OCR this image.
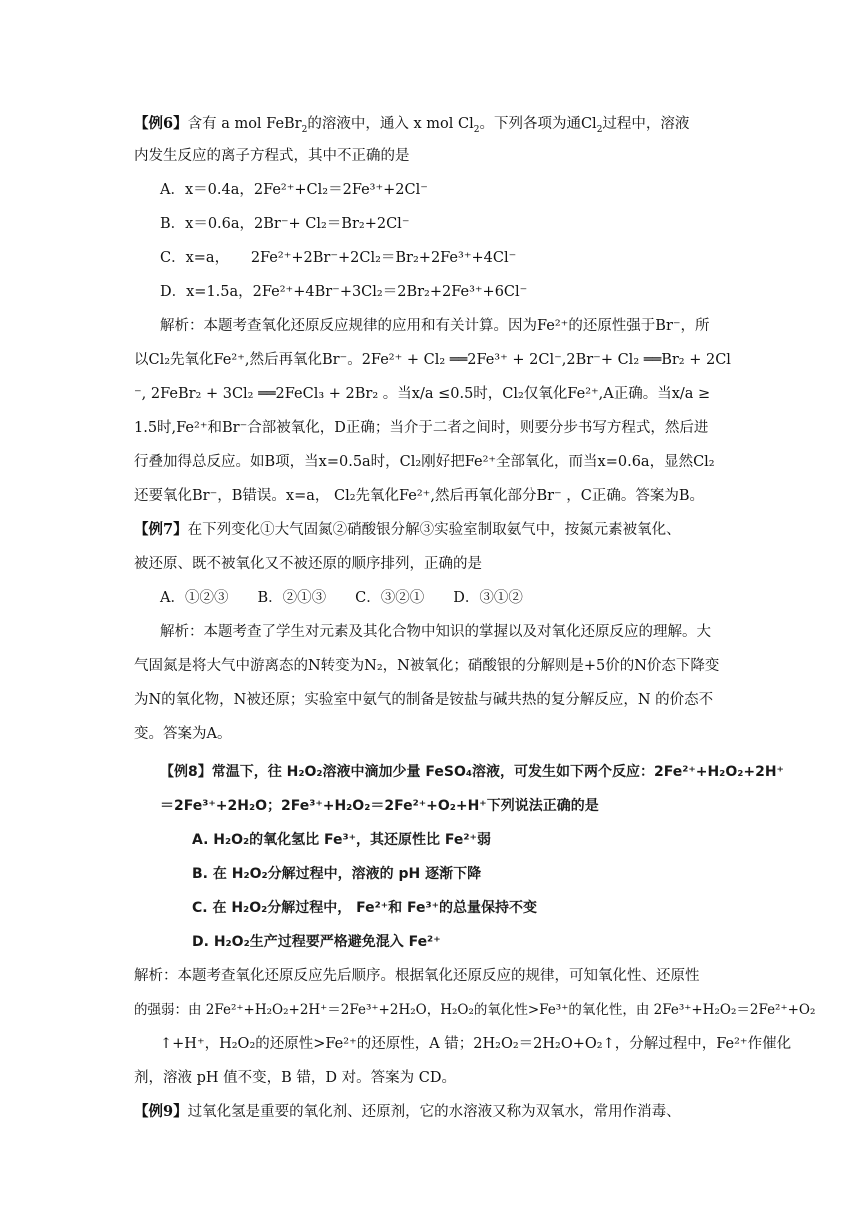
【例6】含有 a mol FeBr$_2$的溶液中，通入 x mol $Cl_2$。下列各项为通$Cl_2$过程中，溶液
内发生反应的离子方程式，其中不正确的是
A．x＝0.4a，2Fe²⁺+Cl₂＝2Fe³⁺+2Cl⁻
B．x＝0.6a，2Br⁻+ Cl₂＝Br₂+2Cl⁻
C．x=a，　　2Fe²⁺+2Br⁻+2Cl₂＝Br₂+2Fe³⁺+4Cl⁻
D．x=1.5a，2Fe²⁺+4Br⁻+3Cl₂＝2Br₂+2Fe³⁺+6Cl⁻
解析：本题考查氧化还原反应规律的应用和有关计算。因为Fe²⁺的还原性强于Br⁻，所
以Cl₂先氧化Fe²⁺,然后再氧化Br⁻。2Fe²⁺ + Cl₂ ══2Fe³⁺ + 2Cl⁻,2Br⁻+ Cl₂ ══Br₂ + 2Cl
⁻, 2FeBr₂ + 3Cl₂ ══2FeCl₃ + 2Br₂ 。当x/a ≤0.5时，Cl₂仅氧化Fe²⁺,A正确。当x/a ≥
1.5时,Fe²⁺和Br⁻合部被氧化，D正确；当介于二者之间时，则要分步书写方程式，然后进
行叠加得总反应。如B项，当x=0.5a时，Cl₂刚好把Fe²⁺全部氧化，而当x=0.6a，显然Cl₂
还要氧化Br⁻，B错误。x=a， Cl₂先氧化Fe²⁺,然后再氧化部分Br⁻ ，C正确。答案为B。
【例7】在下列变化①大气固氮②硝酸银分解③实验室制取氨气中，按氮元素被氧化、
被还原、既不被氧化又不被还原的顺序排列，正确的是
A．①②③　　B．②①③　　C．③②①　　D．③①②
解析：本题考查了学生对元素及其化合物中知识的掌握以及对氧化还原反应的理解。大
气固氮是将大气中游离态的N转变为N₂，N被氧化；硝酸银的分解则是+5价的N价态下降变
为N的氧化物，N被还原；实验室中氨气的制备是铵盐与碱共热的复分解反应，N 的价态不
变。答案为A。
【例8】常温下，往 H₂O₂溶液中滴加少量 FeSO₄溶液，可发生如下两个反应：2Fe²⁺+H₂O₂+2H⁺
＝2Fe³⁺+2H₂O；2Fe³⁺+H₂O₂＝2Fe²⁺+O₂+H⁺下列说法正确的是
A. H₂O₂的氧化氢比 Fe³⁺，其还原性比 Fe²⁺弱
B. 在 H₂O₂分解过程中，溶液的 pH 逐渐下降
C. 在 H₂O₂分解过程中， Fe²⁺和 Fe³⁺的总量保持不变
D. H₂O₂生产过程要严格避免混入 Fe²⁺
解析：本题考查氧化还原反应先后顺序。根据氧化还原反应的规律，可知氧化性、还原性
的强弱：由 2Fe²⁺+H₂O₂+2H⁺＝2Fe³⁺+2H₂O，H₂O₂的氧化性>Fe³⁺的氧化性，由 2Fe³⁺+H₂O₂＝2Fe²⁺+O₂
↑+H⁺，H₂O₂的还原性>Fe²⁺的还原性，A 错；2H₂O₂＝2H₂O+O₂↑，分解过程中，Fe²⁺作催化
剂，溶液 pH 值不变，B 错，D 对。答案为 CD。
【例9】过氧化氢是重要的氧化剂、还原剂，它的水溶液又称为双氧水，常用作消毒、
